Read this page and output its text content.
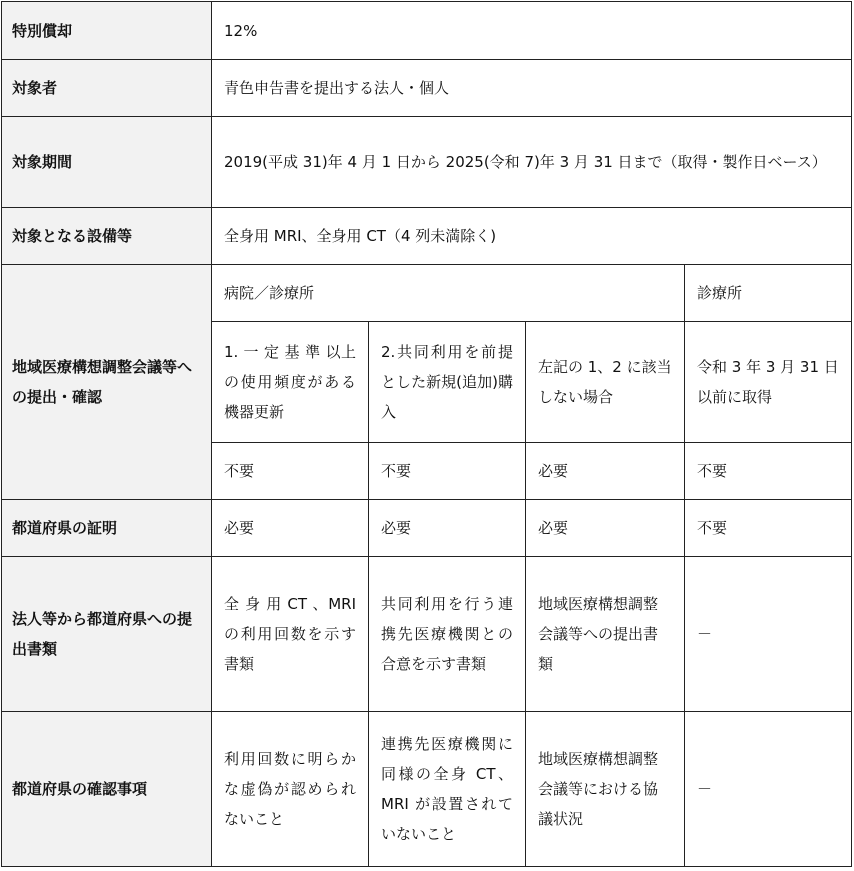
特別償却	12%			
対象者	青色申告書を提出する法人・個人			
対象期間	2019(平成 31)年 4 月 1 日から 2025(令和 7)年 3 月 31 日まで（取得・製作日ベース）			
対象となる設備等	全身用 MRI、全身用 CT（4 列未満除く)			
地域医療構想調整会議等への提出・確認	病院／診療所			診療所
	1. 一 定 基 準 以上の使用頻度がある機器更新	2.共同利用を前提とした新規(追加)購入	左記の 1、2 に該当しない場合	令和 3 年 3 月 31 日以前に取得
	不要	不要	必要	不要
都道府県の証明	必要	必要	必要	不要
法人等から都道府県への提出書類	全 身 用 CT 、MRI の利用回数を示す書類	共同利用を行う連携先医療機関との合意を示す書類	地域医療構想調整会議等への提出書類	－
都道府県の確認事項	利用回数に明らかな虚偽が認められないこと	連携先医療機関に同様の全身 CT、MRI が設置されていないこと	地域医療構想調整会議等における協議状況	－
